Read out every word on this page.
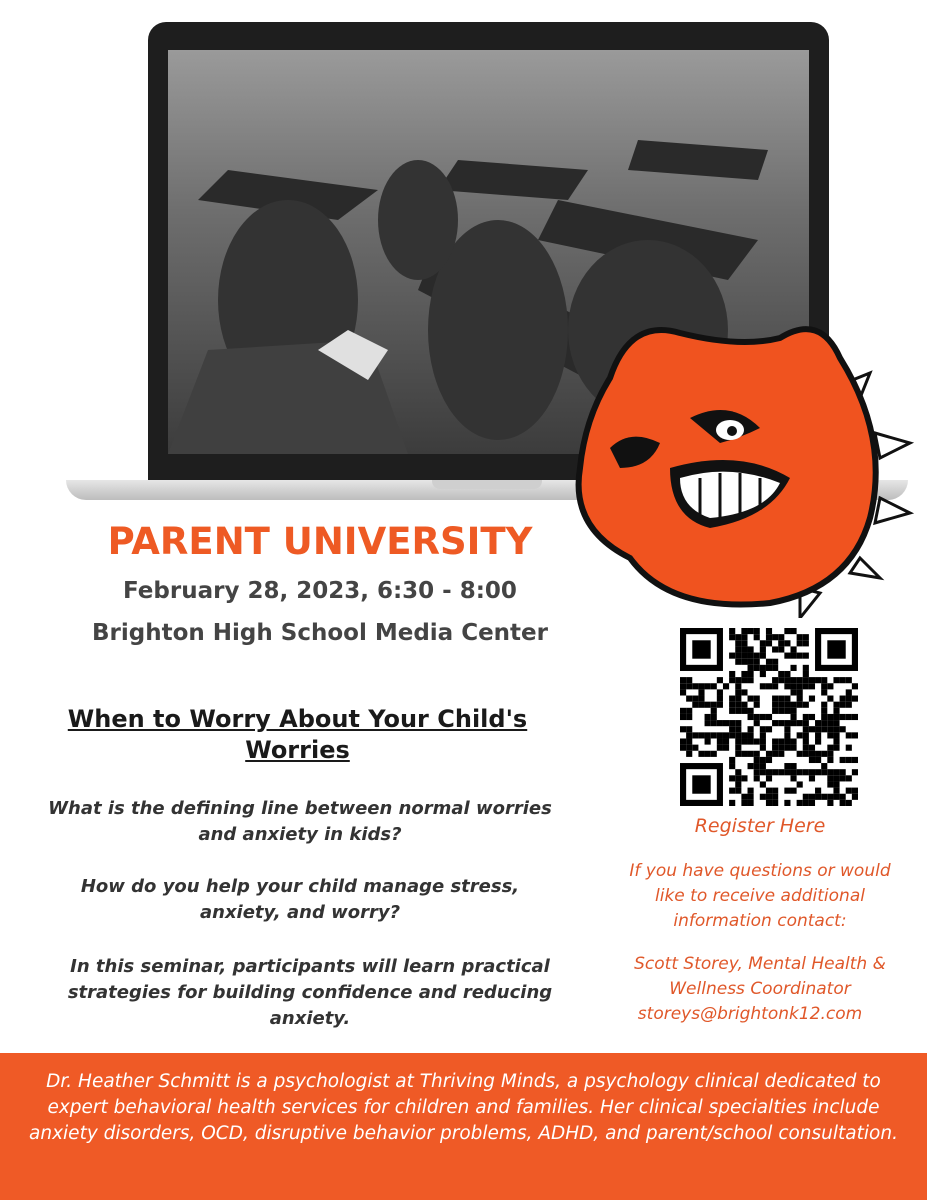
PARENT UNIVERSITY
February 28, 2023, 6:30 - 8:00
Brighton High School Media Center
When to Worry About Your Child's Worries
What is the defining line between normal worries and anxiety in kids?
How do you help your child manage stress, anxiety, and worry?
In this seminar, participants will learn practical strategies for building confidence and reducing anxiety.
Register Here
If you have questions or would like to receive additional information contact:
Scott Storey, Mental Health & Wellness Coordinator
storeys@brightonk12.com
Dr. Heather Schmitt is a psychologist at Thriving Minds, a psychology clinical dedicated to expert behavioral health services for children and families. Her clinical specialties include anxiety disorders, OCD, disruptive behavior problems, ADHD, and parent/school consultation.
